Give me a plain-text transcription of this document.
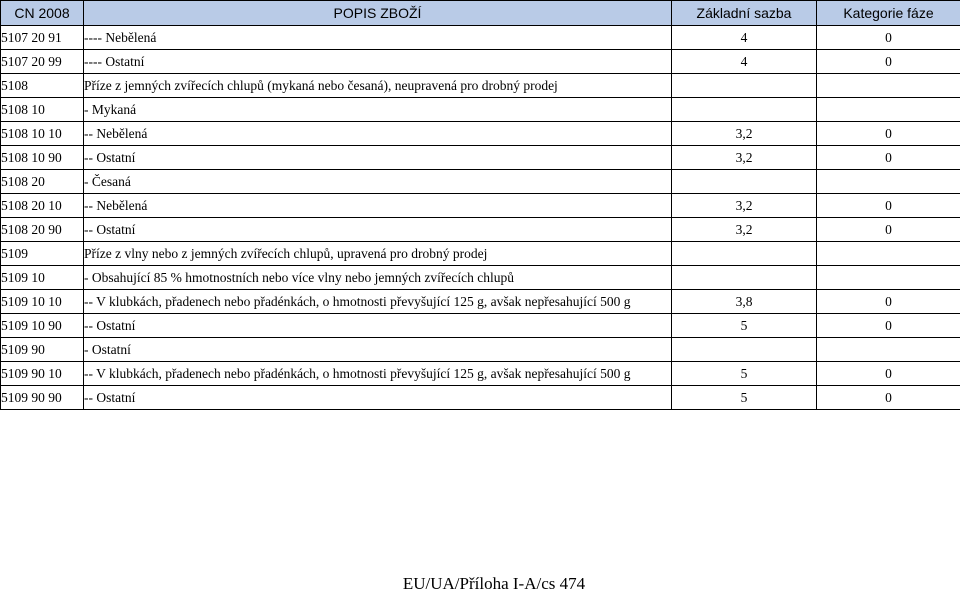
CN 2008	POPIS ZBOŽÍ	Základní sazba	Kategorie fáze
5107 20 91	---- Nebělená	4	0
5107 20 99	---- Ostatní	4	0
5108	Příze z jemných zvířecích chlupů (mykaná nebo česaná), neupravená pro drobný prodej		
5108 10	- Mykaná		
5108 10 10	-- Nebělená	3,2	0
5108 10 90	-- Ostatní	3,2	0
5108 20	- Česaná		
5108 20 10	-- Nebělená	3,2	0
5108 20 90	-- Ostatní	3,2	0
5109	Příze z vlny nebo z jemných zvířecích chlupů, upravená pro drobný prodej		
5109 10	- Obsahující 85 % hmotnostních nebo více vlny nebo jemných zvířecích chlupů		
5109 10 10	-- V klubkách, přadenech nebo přadénkách, o hmotnosti převyšující 125 g, avšak nepřesahující 500 g	3,8	0
5109 10 90	-- Ostatní	5	0
5109 90	- Ostatní		
5109 90 10	-- V klubkách, přadenech nebo přadénkách, o hmotnosti převyšující 125 g, avšak nepřesahující 500 g	5	0
5109 90 90	-- Ostatní	5	0
EU/UA/Příloha I-A/cs 474
